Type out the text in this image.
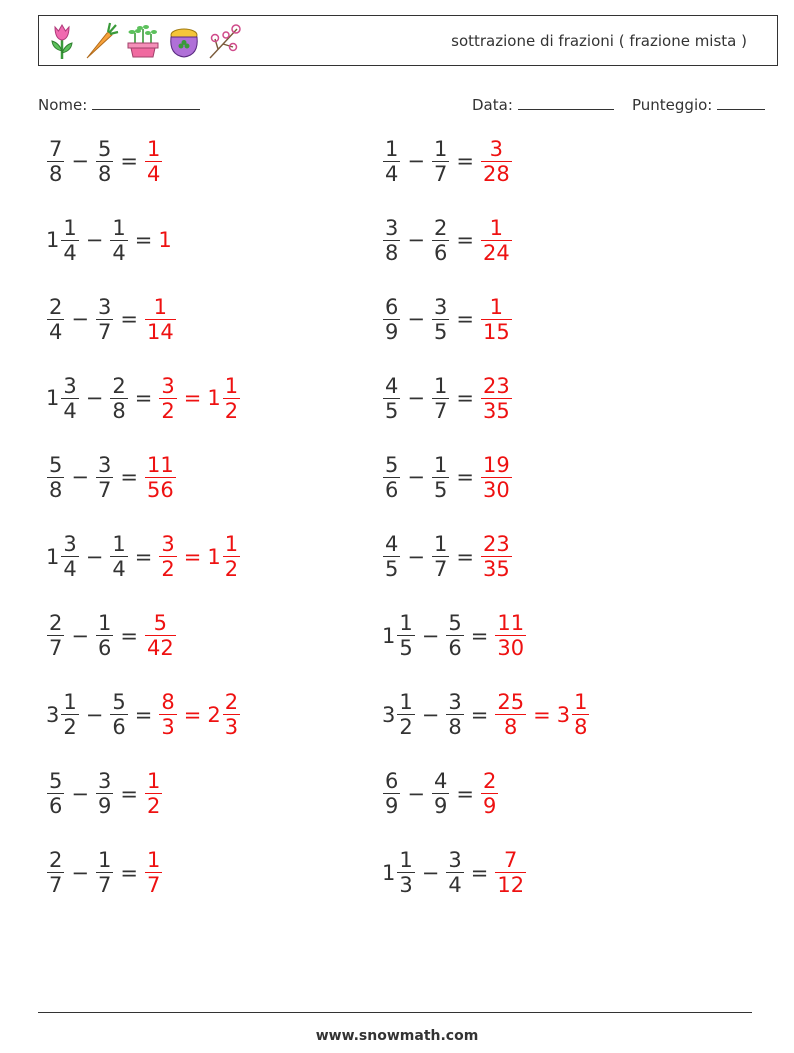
sottrazione di frazioni ( frazione mista )
Nome:	Data:	Punteggio:
$\frac{7}{8} - \frac{5}{8} = \frac{1}{4}$	$\frac{1}{4} - \frac{1}{7} = \frac{3}{28}$
$1 \frac{1}{4} - \frac{1}{4} = 1$	$\frac{3}{8} - \frac{2}{6} = \frac{1}{24}$
$\frac{2}{4} - \frac{3}{7} = \frac{1}{14}$	$\frac{6}{9} - \frac{3}{5} = \frac{1}{15}$
$1 \frac{3}{4} - \frac{2}{8} = \frac{3}{2} = 1 \frac{1}{2}$	$\frac{4}{5} - \frac{1}{7} = \frac{23}{35}$
$\frac{5}{8} - \frac{3}{7} = \frac{11}{56}$	$\frac{5}{6} - \frac{1}{5} = \frac{19}{30}$
$1 \frac{3}{4} - \frac{1}{4} = \frac{3}{2} = 1 \frac{1}{2}$	$\frac{4}{5} - \frac{1}{7} = \frac{23}{35}$
$\frac{2}{7} - \frac{1}{6} = \frac{5}{42}$	$1 \frac{1}{5} - \frac{5}{6} = \frac{11}{30}$
$3 \frac{1}{2} - \frac{5}{6} = \frac{8}{3} = 2 \frac{2}{3}$	$3 \frac{1}{2} - \frac{3}{8} = \frac{25}{8} = 3 \frac{1}{8}$
$\frac{5}{6} - \frac{3}{9} = \frac{1}{2}$	$\frac{6}{9} - \frac{4}{9} = \frac{2}{9}$
$\frac{2}{7} - \frac{1}{7} = \frac{1}{7}$	$1 \frac{1}{3} - \frac{3}{4} = \frac{7}{12}$
www.snowmath.com
